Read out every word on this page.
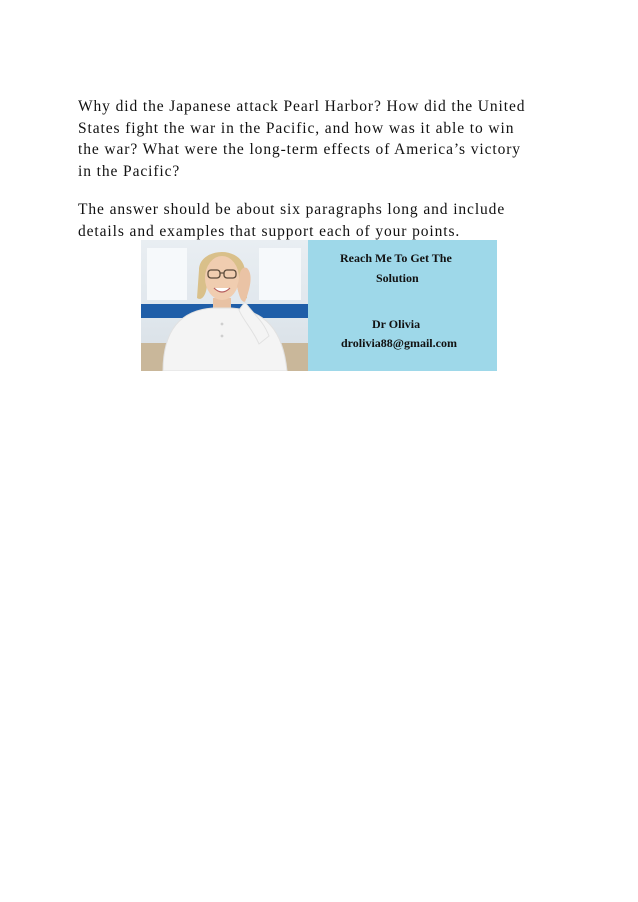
Why did the Japanese attack Pearl Harbor? How did the United
States fight the war in the Pacific, and how was it able to win
the war? What were the long-term effects of America’s victory
in the Pacific?

The answer should be about six paragraphs long and include
details and examples that support each of your points.

Reach Me To Get The
Solution
Dr Olivia
drolivia88@gmail.com
